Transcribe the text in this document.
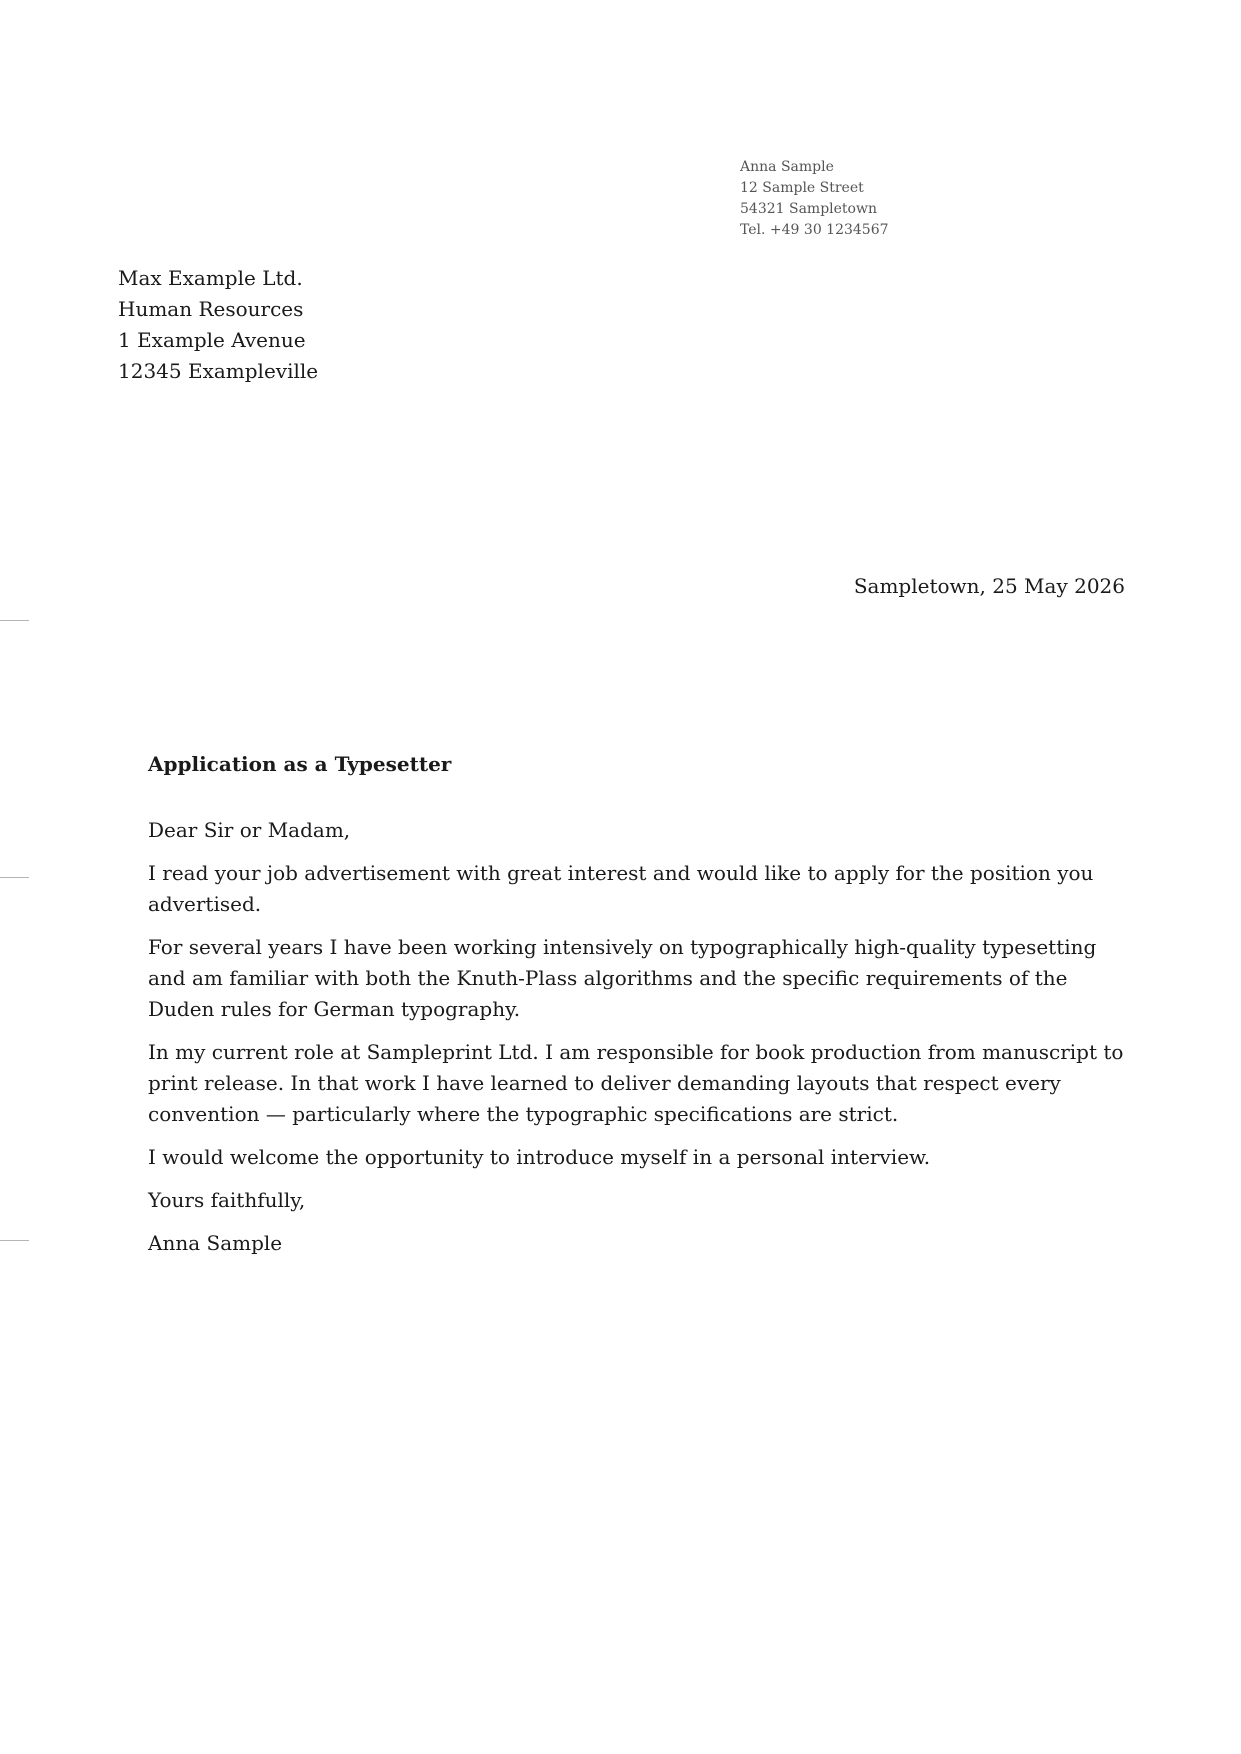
Anna Sample
12 Sample Street
54321 Sampletown
Tel. +49 30 1234567
Max Example Ltd.
Human Resources
1 Example Avenue
12345 Exampleville
Sampletown, 25 May 2026
Application as a Typesetter

Dear Sir or Madam,

I read your job advertisement with great interest and would like to apply for the position you advertised.

For several years I have been working intensively on typographically high-quality typesetting and am familiar with both the Knuth-Plass algorithms and the specific requirements of the Duden rules for German typography.

In my current role at Sampleprint Ltd. I am responsible for book production from manuscript to print release. In that work I have learned to deliver demanding layouts that respect every convention — particularly where the typographic specifications are strict.

I would welcome the opportunity to introduce myself in a personal interview.

Yours faithfully,

Anna Sample
